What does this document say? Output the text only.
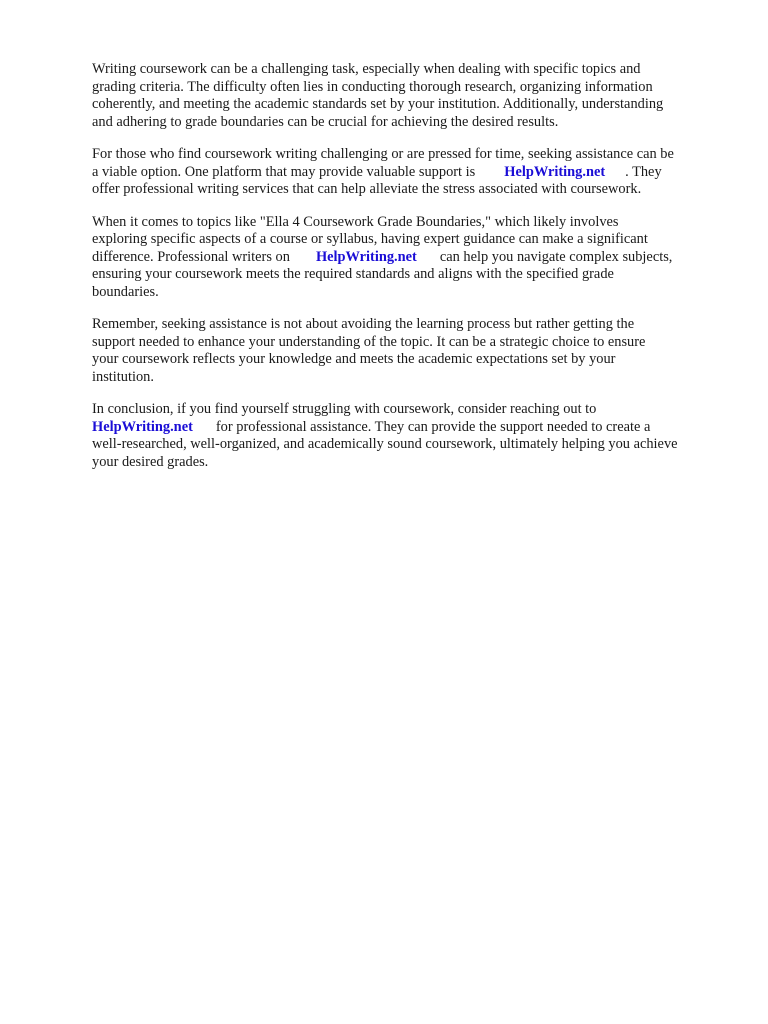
Writing coursework can be a challenging task, especially when dealing with specific topics and
grading criteria. The difficulty often lies in conducting thorough research, organizing information
coherently, and meeting the academic standards set by your institution. Additionally, understanding
and adhering to grade boundaries can be crucial for achieving the desired results.

For those who find coursework writing challenging or are pressed for time, seeking assistance can be
a viable option. One platform that may provide valuable support is HelpWriting.net . They
offer professional writing services that can help alleviate the stress associated with coursework.

When it comes to topics like "Ella 4 Coursework Grade Boundaries," which likely involves
exploring specific aspects of a course or syllabus, having expert guidance can make a significant
difference. Professional writers on HelpWriting.net can help you navigate complex subjects,
ensuring your coursework meets the required standards and aligns with the specified grade
boundaries.

Remember, seeking assistance is not about avoiding the learning process but rather getting the
support needed to enhance your understanding of the topic. It can be a strategic choice to ensure
your coursework reflects your knowledge and meets the academic expectations set by your
institution.

In conclusion, if you find yourself struggling with coursework, consider reaching out to
HelpWriting.net for professional assistance. They can provide the support needed to create a
well-researched, well-organized, and academically sound coursework, ultimately helping you achieve
your desired grades.
